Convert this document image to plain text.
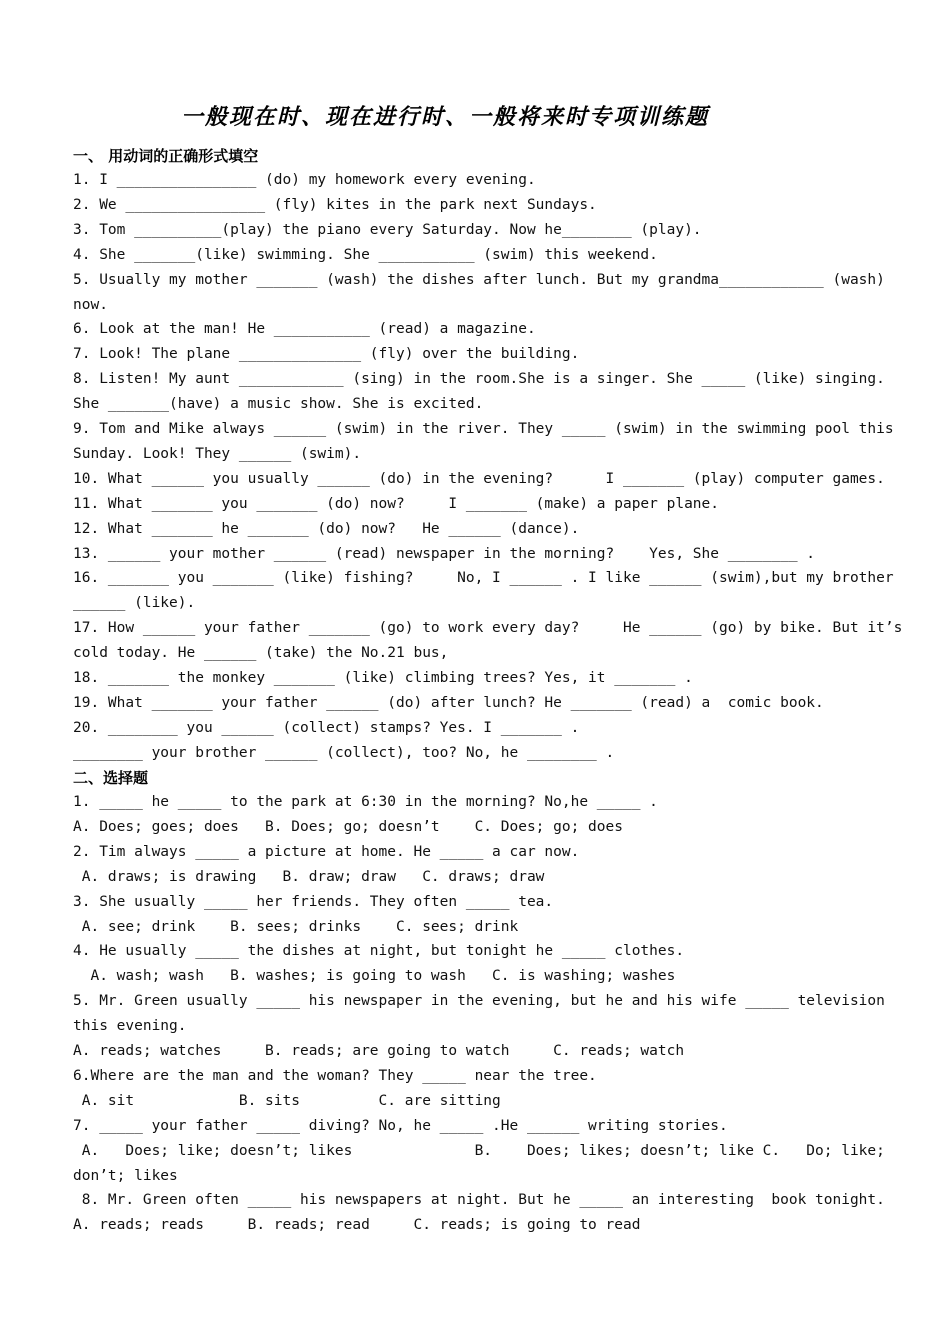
一般现在时、现在进行时、一般将来时专项训练题
一、 用动词的正确形式填空
1. I ________________ (do) my homework every evening.
2. We ________________ (fly) kites in the park next Sundays.
3. Tom __________(play) the piano every Saturday. Now he________ (play).
4. She _______(like) swimming. She ___________ (swim) this weekend.
5. Usually my mother _______ (wash) the dishes after lunch. But my grandma____________ (wash)
now.
6. Look at the man! He ___________ (read) a magazine.
7. Look! The plane ______________ (fly) over the building.
8. Listen! My aunt ____________ (sing) in the room.She is a singer. She _____ (like) singing.
She _______(have) a music show. She is excited.
9. Tom and Mike always ______ (swim) in the river. They _____ (swim) in the swimming pool this
Sunday. Look! They ______ (swim).
10. What ______ you usually ______ (do) in the evening?      I _______ (play) computer games.
11. What _______ you _______ (do) now?     I _______ (make) a paper plane.
12. What _______ he _______ (do) now?   He ______ (dance).
13. ______ your mother ______ (read) newspaper in the morning?    Yes, She ________ .
16. _______ you _______ (like) fishing?     No, I ______ . I like ______ (swim),but my brother
______ (like).
17. How ______ your father _______ (go) to work every day?     He ______ (go) by bike. But it’s
cold today. He ______ (take) the No.21 bus,
18. _______ the monkey _______ (like) climbing trees? Yes, it _______ .
19. What _______ your father ______ (do) after lunch? He _______ (read) a  comic book.
20. ________ you ______ (collect) stamps? Yes. I _______ .
________ your brother ______ (collect), too? No, he ________ .
二、选择题
1. _____ he _____ to the park at 6:30 in the morning? No,he _____ .
A. Does; goes; does   B. Does; go; doesn’t    C. Does; go; does
2. Tim always _____ a picture at home. He _____ a car now.
A. draws; is drawing   B. draw; draw   C. draws; draw
3. She usually _____ her friends. They often _____ tea.
A. see; drink    B. sees; drinks    C. sees; drink
4. He usually _____ the dishes at night, but tonight he _____ clothes.
A. wash; wash   B. washes; is going to wash   C. is washing; washes
5. Mr. Green usually _____ his newspaper in the evening, but he and his wife _____ television
this evening.
A. reads; watches     B. reads; are going to watch     C. reads; watch
6.Where are the man and the woman? They _____ near the tree.
A. sit            B. sits         C. are sitting
7. _____ your father _____ diving? No, he _____ .He ______ writing stories.
A.   Does; like; doesn’t; likes              B.    Does; likes; doesn’t; like C.   Do; like;
don’t; likes
8. Mr. Green often _____ his newspapers at night. But he _____ an interesting  book tonight.
A. reads; reads     B. reads; read     C. reads; is going to read
